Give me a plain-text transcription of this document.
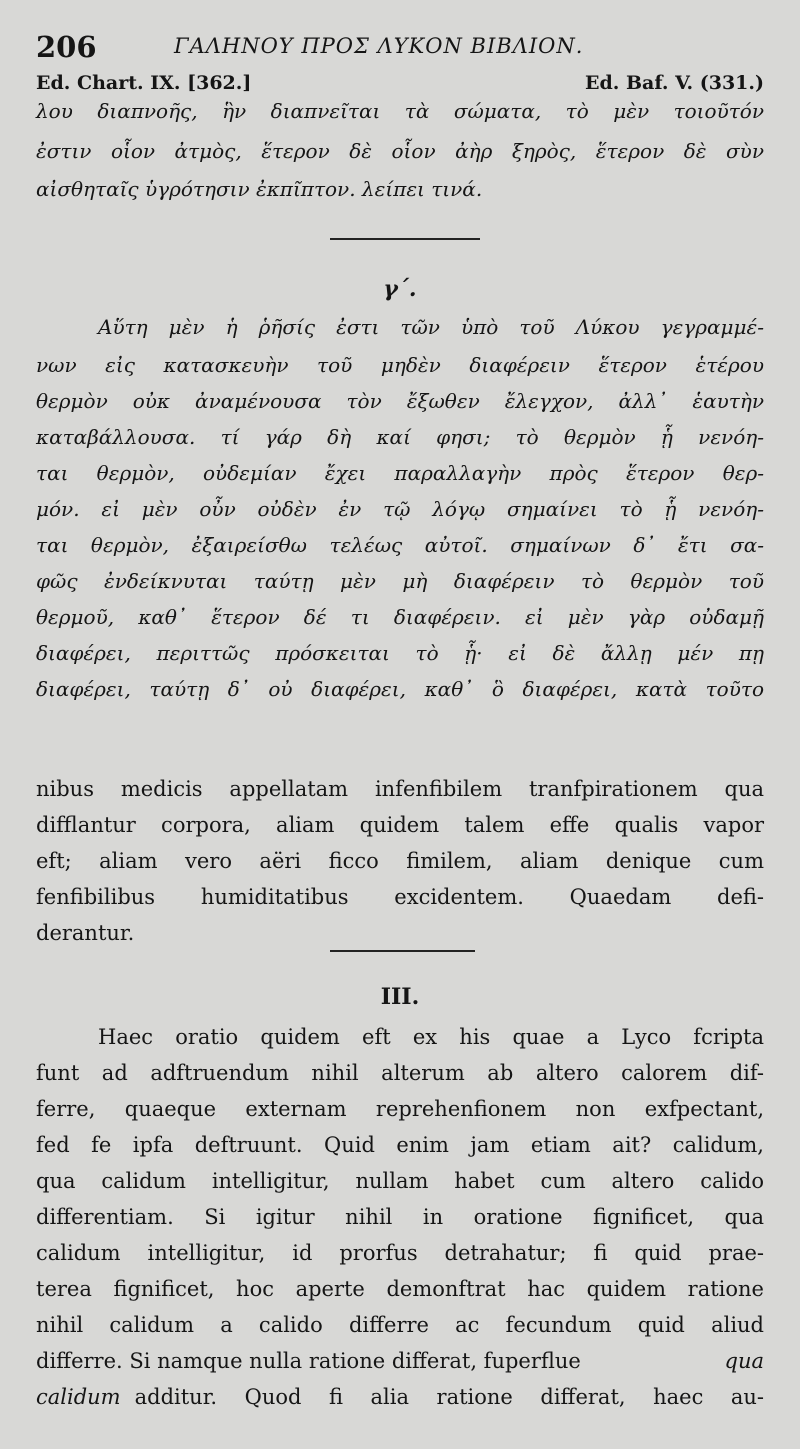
206	ΓΑΛΗΝΟΥ ΠΡΟΣ ΛΥΚΟΝ ΒΙΒΛΙΟΝ.
Ed. Chart. IX. [362.]	Ed. Baf. V. (331.)
λου διαπνοῆς, ἣν διαπνεῖται τὰ σώματα, τὸ μὲν τοιοῦτόν
ἐστιν οἷον ἀτμὸς, ἕτερον δὲ οἷον ἀὴρ ξηρὸς, ἕτερον δὲ σὺν
αἰσθηταῖς ὑγρότησιν ἐκπῖπτον. λείπει τινά.
γ΄.
Αὕτη μὲν ἡ ῥῆσίς ἐστι τῶν ὑπὸ τοῦ Λύκου γεγραμμέ-
νων εἰς κατασκευὴν τοῦ μηδὲν διαφέρειν ἕτερον ἑτέρου
θερμὸν οὐκ ἀναμένουσα τὸν ἔξωθεν ἔλεγχον, ἀλλ᾽ ἑαυτὴν
καταβάλλουσα. τί γάρ δὴ καί φησι; τὸ θερμὸν ᾗ νενόη-
ται θερμὸν, οὐδεμίαν ἔχει παραλλαγὴν πρὸς ἕτερον θερ-
μόν. εἰ μὲν οὖν οὐδὲν ἐν τῷ λόγῳ σημαίνει τὸ ᾗ νενόη-
ται θερμὸν, ἐξαιρείσθω τελέως αὐτοῖ. σημαίνων δ᾽ ἔτι σα-
φῶς ἐνδείκνυται ταύτῃ μὲν μὴ διαφέρειν τὸ θερμὸν τοῦ
θερμοῦ, καθ᾽ ἕτερον δέ τι διαφέρειν. εἰ μὲν γὰρ οὐδαμῇ
διαφέρει, περιττῶς πρόσκειται τὸ ᾗ· εἰ δὲ ἄλλῃ μέν πῃ
διαφέρει, ταύτῃ δ᾽ οὐ διαφέρει, καθ᾽ ὃ διαφέρει, κατὰ τοῦτο
nibus medicis appellatam infenfibilem tranfpirationem qua
difflantur corpora, aliam quidem talem effe qualis vapor
eft; aliam vero aëri ficco fimilem, aliam denique cum
fenfibilibus humiditatibus excidentem. Quaedam defi-
derantur.
III.
Haec oratio quidem eft ex his quae a Lyco fcripta
funt ad adftruendum nihil alterum ab altero calorem dif-
ferre, quaeque externam reprehenfionem non exfpectant,
fed fe ipfa deftruunt. Quid enim jam etiam ait? calidum,
qua calidum intelligitur, nullam habet cum altero calido
differentiam. Si igitur nihil in oratione fignificet, qua
calidum intelligitur, id prorfus detrahatur; fi quid prae-
terea fignificet, hoc aperte demonftrat hac quidem ratione
nihil calidum a calido differre ac fecundum quid aliud
differre. Si namque nulla ratione differat, fuperflue	qua
calidum additur. Quod fi alia ratione differat, haec au-
